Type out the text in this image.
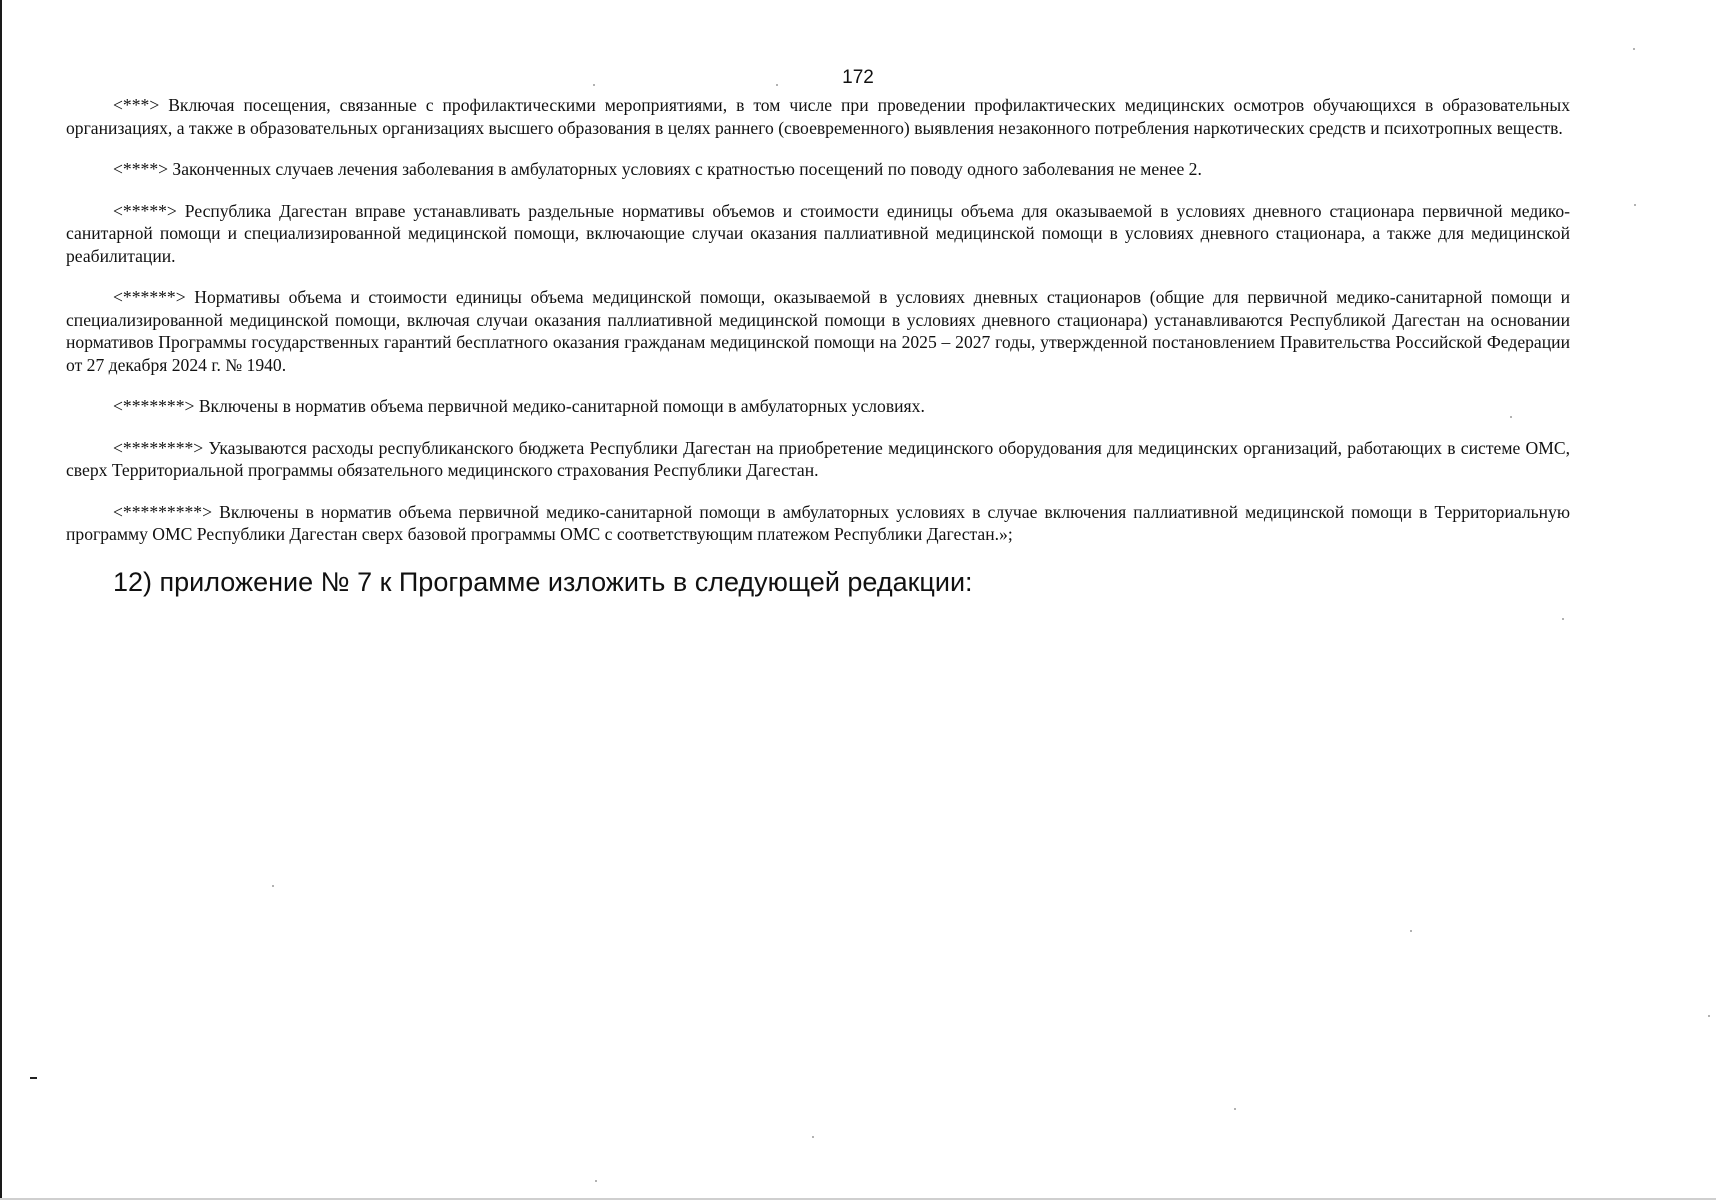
172

<***> Включая посещения, связанные с профилактическими мероприятиями, в том числе при проведении профилактических медицинских осмотров обучающихся в образовательных организациях, а также в образовательных организациях высшего образования в целях раннего (своевременного) выявления незаконного потребления наркотических средств и психотропных веществ.

<****> Законченных случаев лечения заболевания в амбулаторных условиях с кратностью посещений по поводу одного заболевания не менее 2.

<*****> Республика Дагестан вправе устанавливать раздельные нормативы объемов и стоимости единицы объема для оказываемой в условиях дневного стационара первичной медико-санитарной помощи и специализированной медицинской помощи, включающие случаи оказания паллиативной медицинской помощи в условиях дневного стационара, а также для медицинской реабилитации.

<******> Нормативы объема и стоимости единицы объема медицинской помощи, оказываемой в условиях дневных стационаров (общие для первичной медико-санитарной помощи и специализированной медицинской помощи, включая случаи оказания паллиативной медицинской помощи в условиях дневного стационара) устанавливаются Республикой Дагестан на основании нормативов Программы государственных гарантий бесплатного оказания гражданам медицинской помощи на 2025 – 2027 годы, утвержденной постановлением Правительства Российской Федерации от 27 декабря 2024 г. № 1940.

<*******> Включены в норматив объема первичной медико-санитарной помощи в амбулаторных условиях.

<********> Указываются расходы республиканского бюджета Республики Дагестан на приобретение медицинского оборудования для медицинских организаций, работающих в системе ОМС, сверх Территориальной программы обязательного медицинского страхования Республики Дагестан.

<*********> Включены в норматив объема первичной медико-санитарной помощи в амбулаторных условиях в случае включения паллиативной медицинской помощи в Территориальную программу ОМС Республики Дагестан сверх базовой программы ОМС с соответствующим платежом Республики Дагестан.»;

12) приложение № 7 к Программе изложить в следующей редакции:
